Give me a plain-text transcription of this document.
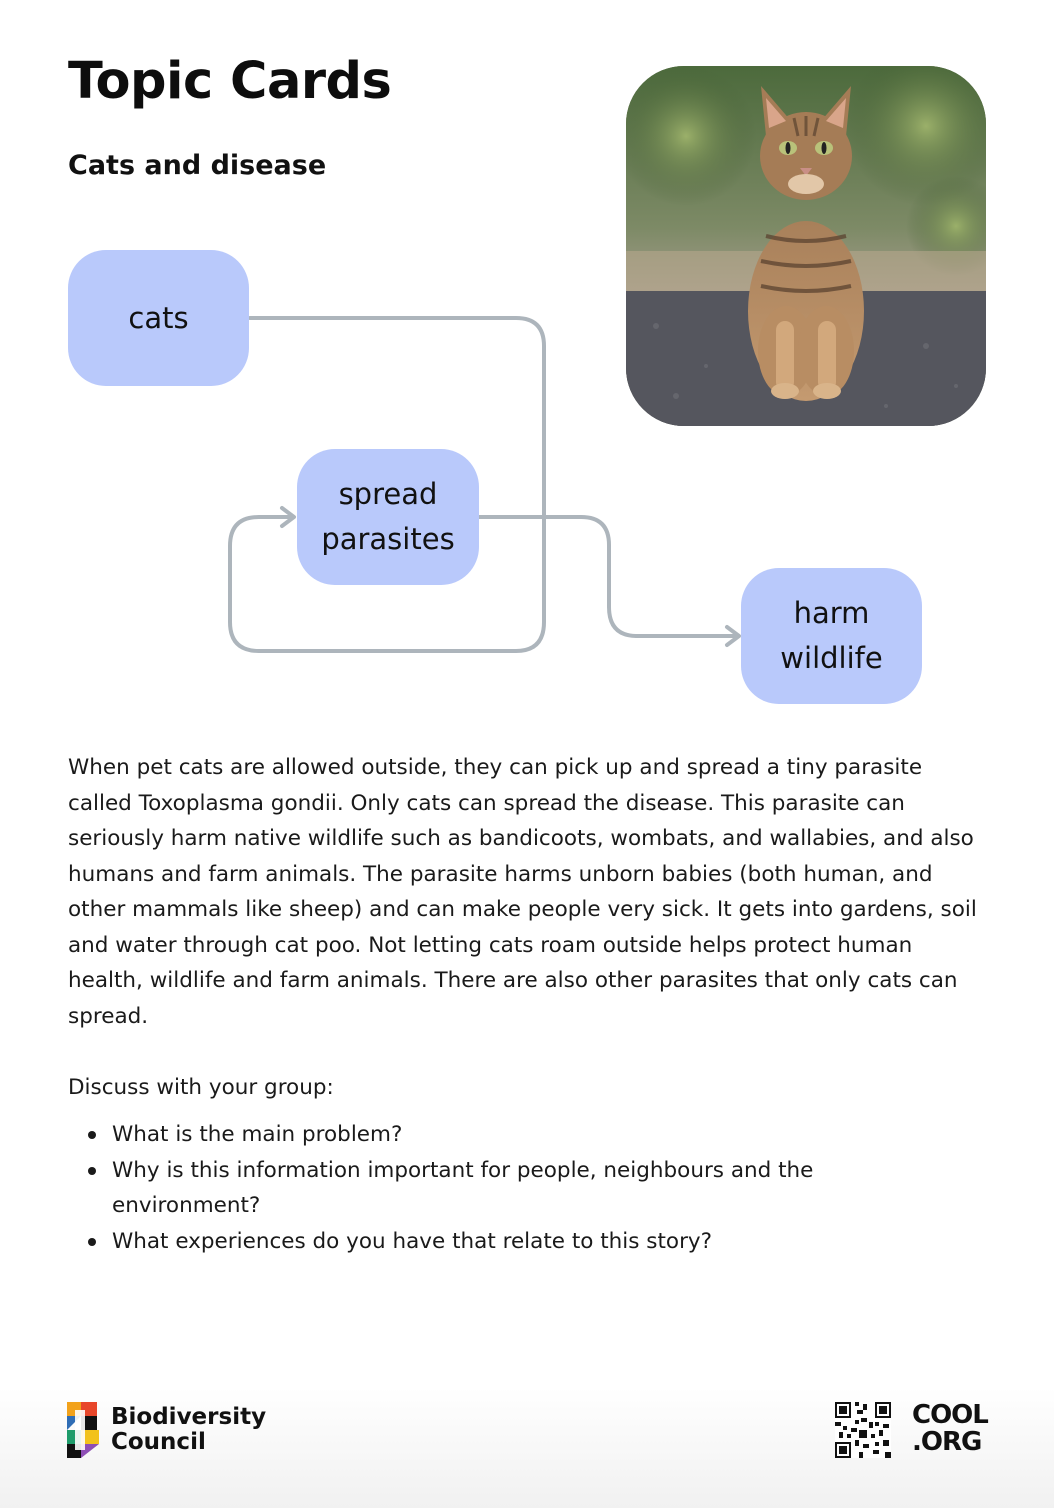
Topic Cards
Cats and disease
cats
spread
parasites
harm
wildlife

When pet cats are allowed outside, they can pick up and spread a tiny parasite called Toxoplasma gondii. Only cats can spread the disease. This parasite can seriously harm native wildlife such as bandicoots, wombats, and wallabies, and also humans and farm animals. The parasite harms unborn babies (both human, and other mammals like sheep) and can make people very sick. It gets into gardens, soil and water through cat poo. Not letting cats roam outside helps protect human health, wildlife and farm animals. There are also other parasites that only cats can spread.

Discuss with your group:

What is the main problem?
Why is this information important for people, neighbours and the environment?
What experiences do you have that relate to this story?
Biodiversity
Council
COOL
.ORG
